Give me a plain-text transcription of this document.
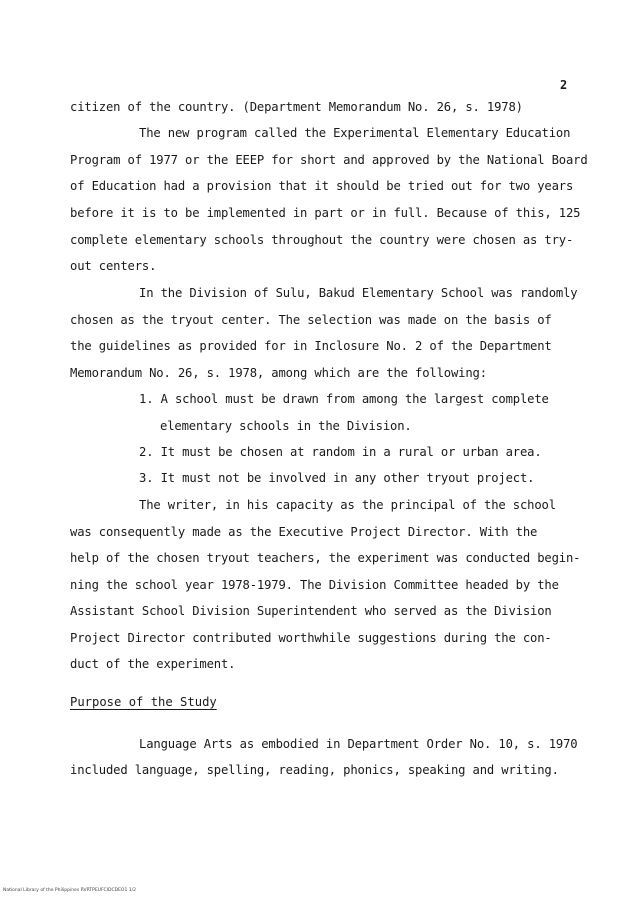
2
citizen of the country. (Department Memorandum No. 26, s. 1978)
The new program called the Experimental Elementary Education
Program of 1977 or the EEEP for short and approved by the National Board
of Education had a provision that it should be tried out for two years
before it is to be implemented in part or in full. Because of this, 125
complete elementary schools throughout the country were chosen as try-
out centers.
In the Division of Sulu, Bakud Elementary School was randomly
chosen as the tryout center. The selection was made on the basis of
the guidelines as provided for in Inclosure No. 2 of the Department
Memorandum No. 26, s. 1978, among which are the following:
1. A school must be drawn from among the largest complete
elementary schools in the Division.
2. It must be chosen at random in a rural or urban area.
3. It must not be involved in any other tryout project.
The writer, in his capacity as the principal of the school
was consequently made as the Executive Project Director. With the
help of the chosen tryout teachers, the experiment was conducted begin-
ning the school year 1978-1979. The Division Committee headed by the
Assistant School Division Superintendent who served as the Division
Project Director contributed worthwhile suggestions during the con-
duct of the experiment.
Purpose of the Study
Language Arts as embodied in Department Order No. 10, s. 1970
included language, spelling, reading, phonics, speaking and writing.
National Library of the Philippines RVRTPEUFCIDCDEO1 1/2
